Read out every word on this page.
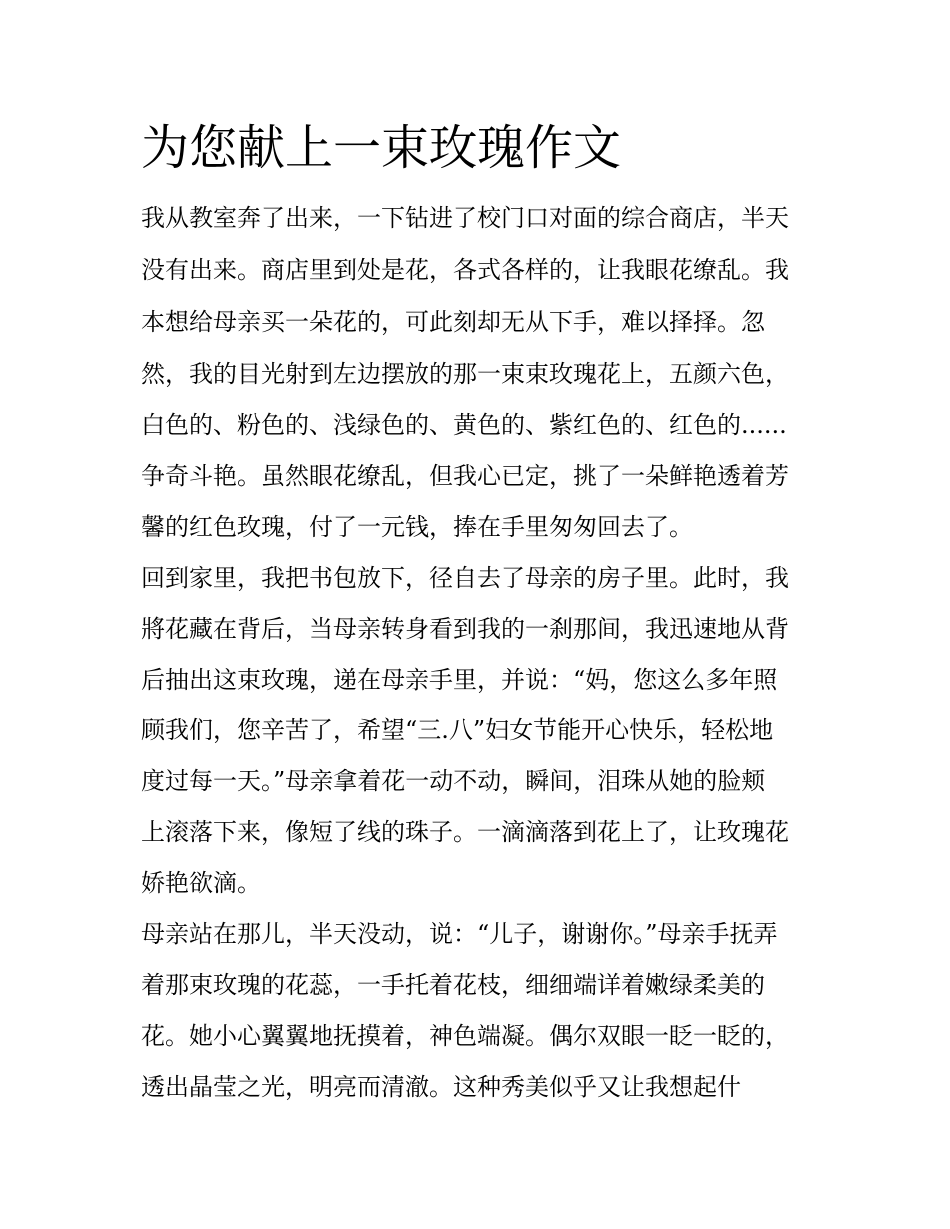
为您献上一束玫瑰作文

我从教室奔了出来，一下钻进了校门口对面的综合商店，半天

没有出来。商店里到处是花，各式各样的，让我眼花缭乱。我

本想给母亲买一朵花的，可此刻却无从下手，难以择择。忽

然，我的目光射到左边摆放的那一束束玫瑰花上，五颜六色，

白色的、粉色的、浅绿色的、黄色的、紫红色的、红色的......

争奇斗艳。虽然眼花缭乱，但我心已定，挑了一朵鲜艳透着芳

馨的红色玫瑰，付了一元钱，捧在手里匆匆回去了。

回到家里，我把书包放下，径自去了母亲的房子里。此时，我

將花藏在背后，当母亲转身看到我的一刹那间，我迅速地从背

后抽出这束玫瑰，递在母亲手里，并说：“妈，您这么多年照

顾我们，您辛苦了，希望“三.八”妇女节能开心快乐，轻松地

度过每一天。”母亲拿着花一动不动，瞬间，泪珠从她的脸颊

上滚落下来，像短了线的珠子。一滴滴落到花上了，让玫瑰花

娇艳欲滴。

母亲站在那儿，半天没动，说：“儿子，谢谢你。”母亲手抚弄

着那束玫瑰的花蕊，一手托着花枝，细细端详着嫩绿柔美的

花。她小心翼翼地抚摸着，神色端凝。偶尔双眼一眨一眨的，

透出晶莹之光，明亮而清澈。这种秀美似乎又让我想起什
